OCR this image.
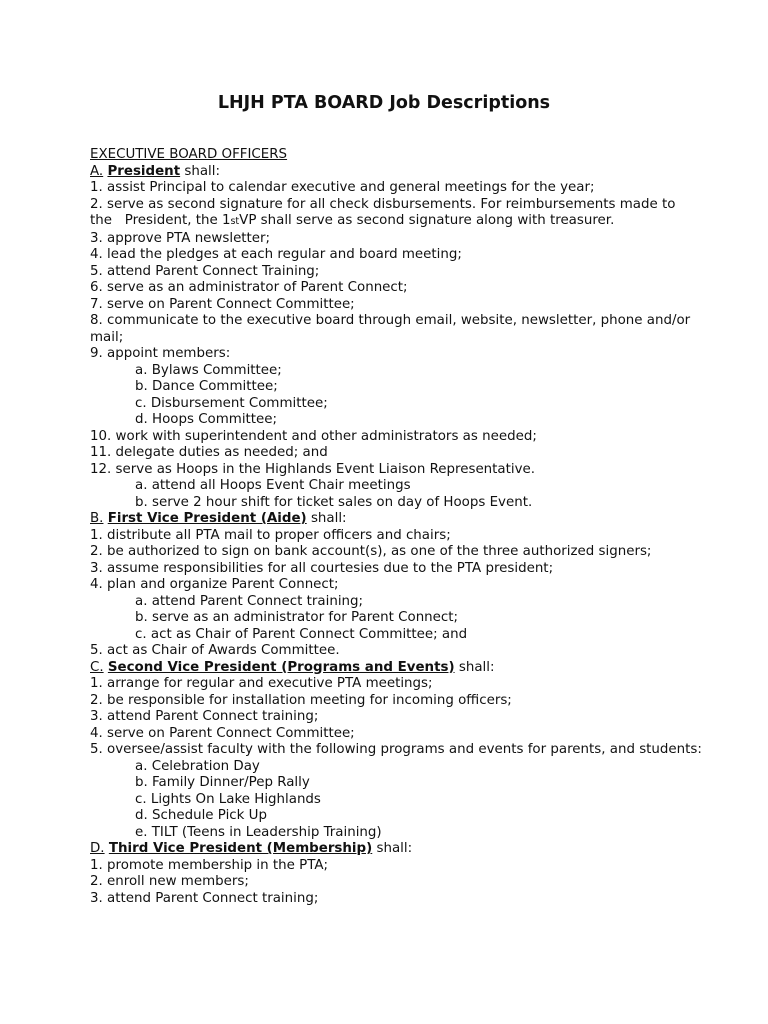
LHJH PTA BOARD Job Descriptions
EXECUTIVE BOARD OFFICERS
A. President shall:
1. assist Principal to calendar executive and general meetings for the year;
2. serve as second signature for all check disbursements. For reimbursements made to the   President, the 1stVP shall serve as second signature along with treasurer.
3. approve PTA newsletter;
4. lead the pledges at each regular and board meeting;
5. attend Parent Connect Training;
6. serve as an administrator of Parent Connect;
7. serve on Parent Connect Committee;
8. communicate to the executive board through email, website, newsletter, phone and/or mail;
9. appoint members:
a. Bylaws Committee;
b. Dance Committee;
c. Disbursement Committee;
d. Hoops Committee;
10. work with superintendent and other administrators as needed;
11. delegate duties as needed; and
12. serve as Hoops in the Highlands Event Liaison Representative.
a. attend all Hoops Event Chair meetings
b. serve 2 hour shift for ticket sales on day of Hoops Event.
B. First Vice President (Aide) shall:
1. distribute all PTA mail to proper officers and chairs;
2. be authorized to sign on bank account(s), as one of the three authorized signers;
3. assume responsibilities for all courtesies due to the PTA president;
4. plan and organize Parent Connect;
a. attend Parent Connect training;
b. serve as an administrator for Parent Connect;
c. act as Chair of Parent Connect Committee; and
5. act as Chair of Awards Committee.
C. Second Vice President (Programs and Events) shall:
1. arrange for regular and executive PTA meetings;
2. be responsible for installation meeting for incoming officers;
3. attend Parent Connect training;
4. serve on Parent Connect Committee;
5. oversee/assist faculty with the following programs and events for parents, and students:
a. Celebration Day
b. Family Dinner/Pep Rally
c. Lights On Lake Highlands
d. Schedule Pick Up
e. TILT (Teens in Leadership Training)
D. Third Vice President (Membership) shall:
1. promote membership in the PTA;
2. enroll new members;
3. attend Parent Connect training;
